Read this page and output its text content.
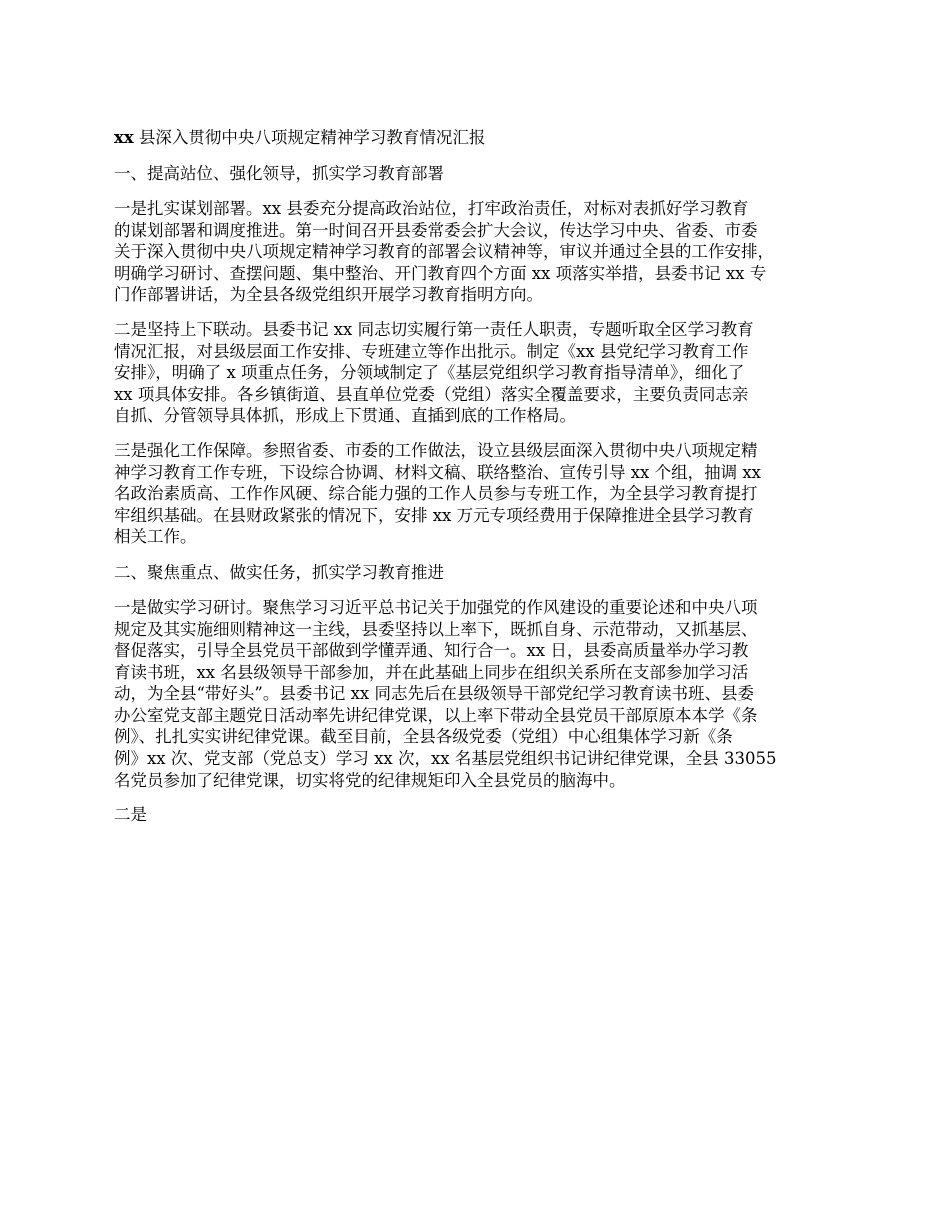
xx 县深入贯彻中央八项规定精神学习教育情况汇报
一、提高站位、强化领导，抓实学习教育部署

一是扎实谋划部署。xx 县委充分提高政治站位，打牢政治责任，对标对表抓好学习教育
的谋划部署和调度推进。第一时间召开县委常委会扩大会议，传达学习中央、省委、市委
关于深入贯彻中央八项规定精神学习教育的部署会议精神等，审议并通过全县的工作安排，
明确学习研讨、查摆问题、集中整治、开门教育四个方面 xx 项落实举措，县委书记 xx 专
门作部署讲话，为全县各级党组织开展学习教育指明方向。

二是坚持上下联动。县委书记 xx 同志切实履行第一责任人职责，专题听取全区学习教育
情况汇报，对县级层面工作安排、专班建立等作出批示。制定《xx 县党纪学习教育工作
安排》，明确了 x 项重点任务，分领域制定了《基层党组织学习教育指导清单》，细化了
xx 项具体安排。各乡镇街道、县直单位党委（党组）落实全覆盖要求，主要负责同志亲
自抓、分管领导具体抓，形成上下贯通、直插到底的工作格局。

三是强化工作保障。参照省委、市委的工作做法，设立县级层面深入贯彻中央八项规定精
神学习教育工作专班，下设综合协调、材料文稿、联络整治、宣传引导 xx 个组，抽调 xx
名政治素质高、工作作风硬、综合能力强的工作人员参与专班工作，为全县学习教育提打
牢组织基础。在县财政紧张的情况下，安排 xx 万元专项经费用于保障推进全县学习教育
相关工作。

二、聚焦重点、做实任务，抓实学习教育推进

一是做实学习研讨。聚焦学习习近平总书记关于加强党的作风建设的重要论述和中央八项
规定及其实施细则精神这一主线，县委坚持以上率下，既抓自身、示范带动，又抓基层、
督促落实，引导全县党员干部做到学懂弄通、知行合一。xx 日，县委高质量举办学习教
育读书班，xx 名县级领导干部参加，并在此基础上同步在组织关系所在支部参加学习活
动，为全县“带好头”。县委书记 xx 同志先后在县级领导干部党纪学习教育读书班、县委
办公室党支部主题党日活动率先讲纪律党课，以上率下带动全县党员干部原原本本学《条
例》、扎扎实实讲纪律党课。截至目前，全县各级党委（党组）中心组集体学习新《条
例》xx 次、党支部（党总支）学习 xx 次，xx 名基层党组织书记讲纪律党课，全县 33055
名党员参加了纪律党课，切实将党的纪律规矩印入全县党员的脑海中。

二是
